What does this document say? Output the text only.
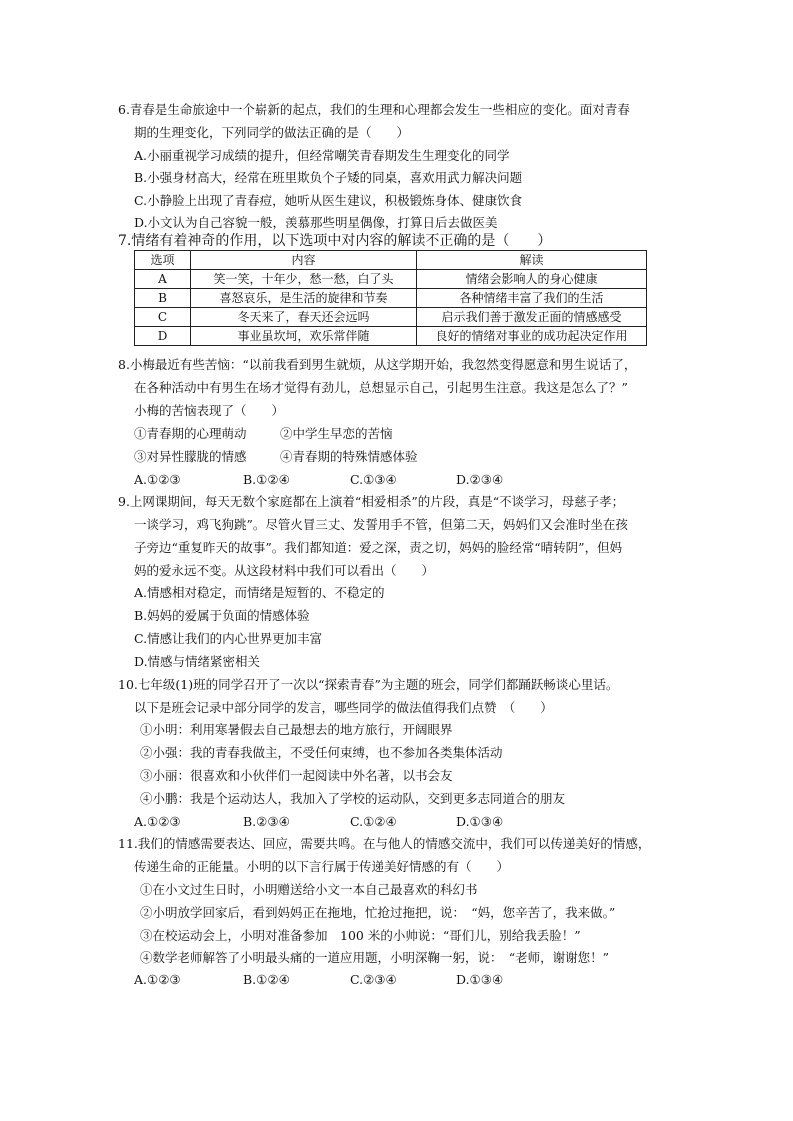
6.青春是生命旅途中一个崭新的起点，我们的生理和心理都会发生一些相应的变化。面对青春
期的生理变化，下列同学的做法正确的是（　　）
A.小丽重视学习成绩的提升，但经常嘲笑青春期发生生理变化的同学
B.小强身材高大，经常在班里欺负个子矮的同桌，喜欢用武力解决问题
C.小静脸上出现了青春痘，她听从医生建议，积极锻炼身体、健康饮食
D.小文认为自己容貌一般，羡慕那些明星偶像，打算日后去做医美
7.情绪有着神奇的作用，以下选项中对内容的解读不正确的是（　　）
选项	内容	解读
A	笑一笑，十年少，愁一愁，白了头	情绪会影响人的身心健康
B	喜怒哀乐，是生活的旋律和节奏	各种情绪丰富了我们的生活
C	冬天来了，春天还会远吗	启示我们善于激发正面的情感感受
D	事业虽坎坷，欢乐常伴随	良好的情绪对事业的成功起决定作用
8.小梅最近有些苦恼：“以前我看到男生就烦，从这学期开始，我忽然变得愿意和男生说话了，
在各种活动中有男生在场才觉得有劲儿，总想显示自己，引起男生注意。我这是怎么了？”
小梅的苦恼表现了（　　）
①青春期的心理萌动	②中学生早恋的苦恼
③对异性朦胧的情感	④青春期的特殊情感体验
A.①②③	B.①②④	C.①③④	D.②③④
9.上网课期间，每天无数个家庭都在上演着“相爱相杀”的片段，真是“不谈学习，母慈子孝；
一谈学习，鸡飞狗跳”。尽管火冒三丈、发誓用手不管，但第二天，妈妈们又会准时坐在孩
子旁边“重复昨天的故事”。我们都知道：爱之深，责之切，妈妈的脸经常“晴转阴”，但妈
妈的爱永远不变。从这段材料中我们可以看出（　　）
A.情感相对稳定，而情绪是短暂的、不稳定的
B.妈妈的爱属于负面的情感体验
C.情感让我们的内心世界更加丰富
D.情感与情绪紧密相关
10.七年级(1)班的同学召开了一次以“探索青春”为主题的班会，同学们都踊跃畅谈心里话。
以下是班会记录中部分同学的发言，哪些同学的做法值得我们点赞　（　　）
①小明：利用寒暑假去自己最想去的地方旅行，开阔眼界
②小强：我的青春我做主，不受任何束缚，也不参加各类集体活动
③小丽：很喜欢和小伙伴们一起阅读中外名著，以书会友
④小鹏：我是个运动达人，我加入了学校的运动队，交到更多志同道合的朋友
A.①②③	B.②③④	C.①②④	D.①③④
11.我们的情感需要表达、回应，需要共鸣。在与他人的情感交流中，我们可以传递美好的情感，
传递生命的正能量。小明的以下言行属于传递美好情感的有（　　）
①在小文过生日时，小明赠送给小文一本自己最喜欢的科幻书
②小明放学回家后，看到妈妈正在拖地，忙抢过拖把，说：　“妈，您辛苦了，我来做。”
③在校运动会上，小明对准备参加　100 米的小帅说：“哥们儿，别给我丢脸！”
④数学老师解答了小明最头痛的一道应用题，小明深鞠一躬，说：　“老师，谢谢您！”
A.①②③	B.①②④	C.②③④	D.①③④
